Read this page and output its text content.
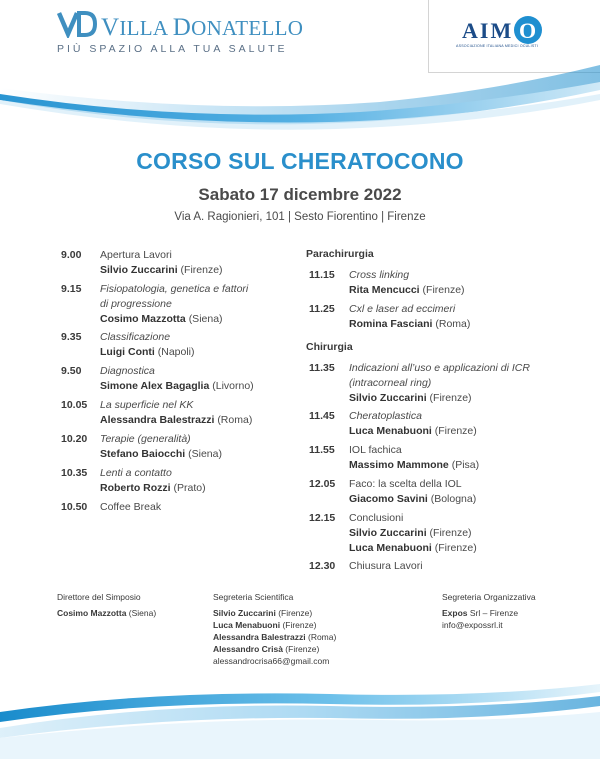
VILLA DONATELLO
PIÙ SPAZIO ALLA TUA SALUTE
AIM O
ASSOCIAZIONE ITALIANA MEDICI OCULISTI
CORSO SUL CHERATOCONO
Sabato 17 dicembre 2022
Via A. Ragionieri, 101 | Sesto Fiorentino | Firenze
9.00 Apertura Lavori
Silvio Zuccarini (Firenze)
9.15 Fisiopatologia, genetica e fattori
di progressione
Cosimo Mazzotta (Siena)
9.35 Classificazione
Luigi Conti (Napoli)
9.50 Diagnostica
Simone Alex Bagaglia (Livorno)
10.05 La superficie nel KK
Alessandra Balestrazzi (Roma)
10.20 Terapie (generalità)
Stefano Baiocchi (Siena)
10.35 Lenti a contatto
Roberto Rozzi (Prato)
10.50 Coffee Break
Parachirurgia
11.15 Cross linking
Rita Mencucci (Firenze)
11.25 Cxl e laser ad eccimeri
Romina Fasciani (Roma)
Chirurgia
11.35 Indicazioni all’uso e applicazioni di ICR
(intracorneal ring)
Silvio Zuccarini (Firenze)
11.45 Cheratoplastica
Luca Menabuoni (Firenze)
11.55 IOL fachica
Massimo Mammone (Pisa)
12.05 Faco: la scelta della IOL
Giacomo Savini (Bologna)
12.15 Conclusioni
Silvio Zuccarini (Firenze)
Luca Menabuoni (Firenze)
12.30 Chiusura Lavori
Direttore del Simposio
Cosimo Mazzotta (Siena)
Segreteria Scientifica
Silvio Zuccarini (Firenze)
Luca Menabuoni (Firenze)
Alessandra Balestrazzi (Roma)
Alessandro Crisà (Firenze)
alessandrocrisa66@gmail.com
Segreteria Organizzativa
Expos Srl – Firenze
info@expossrl.it
